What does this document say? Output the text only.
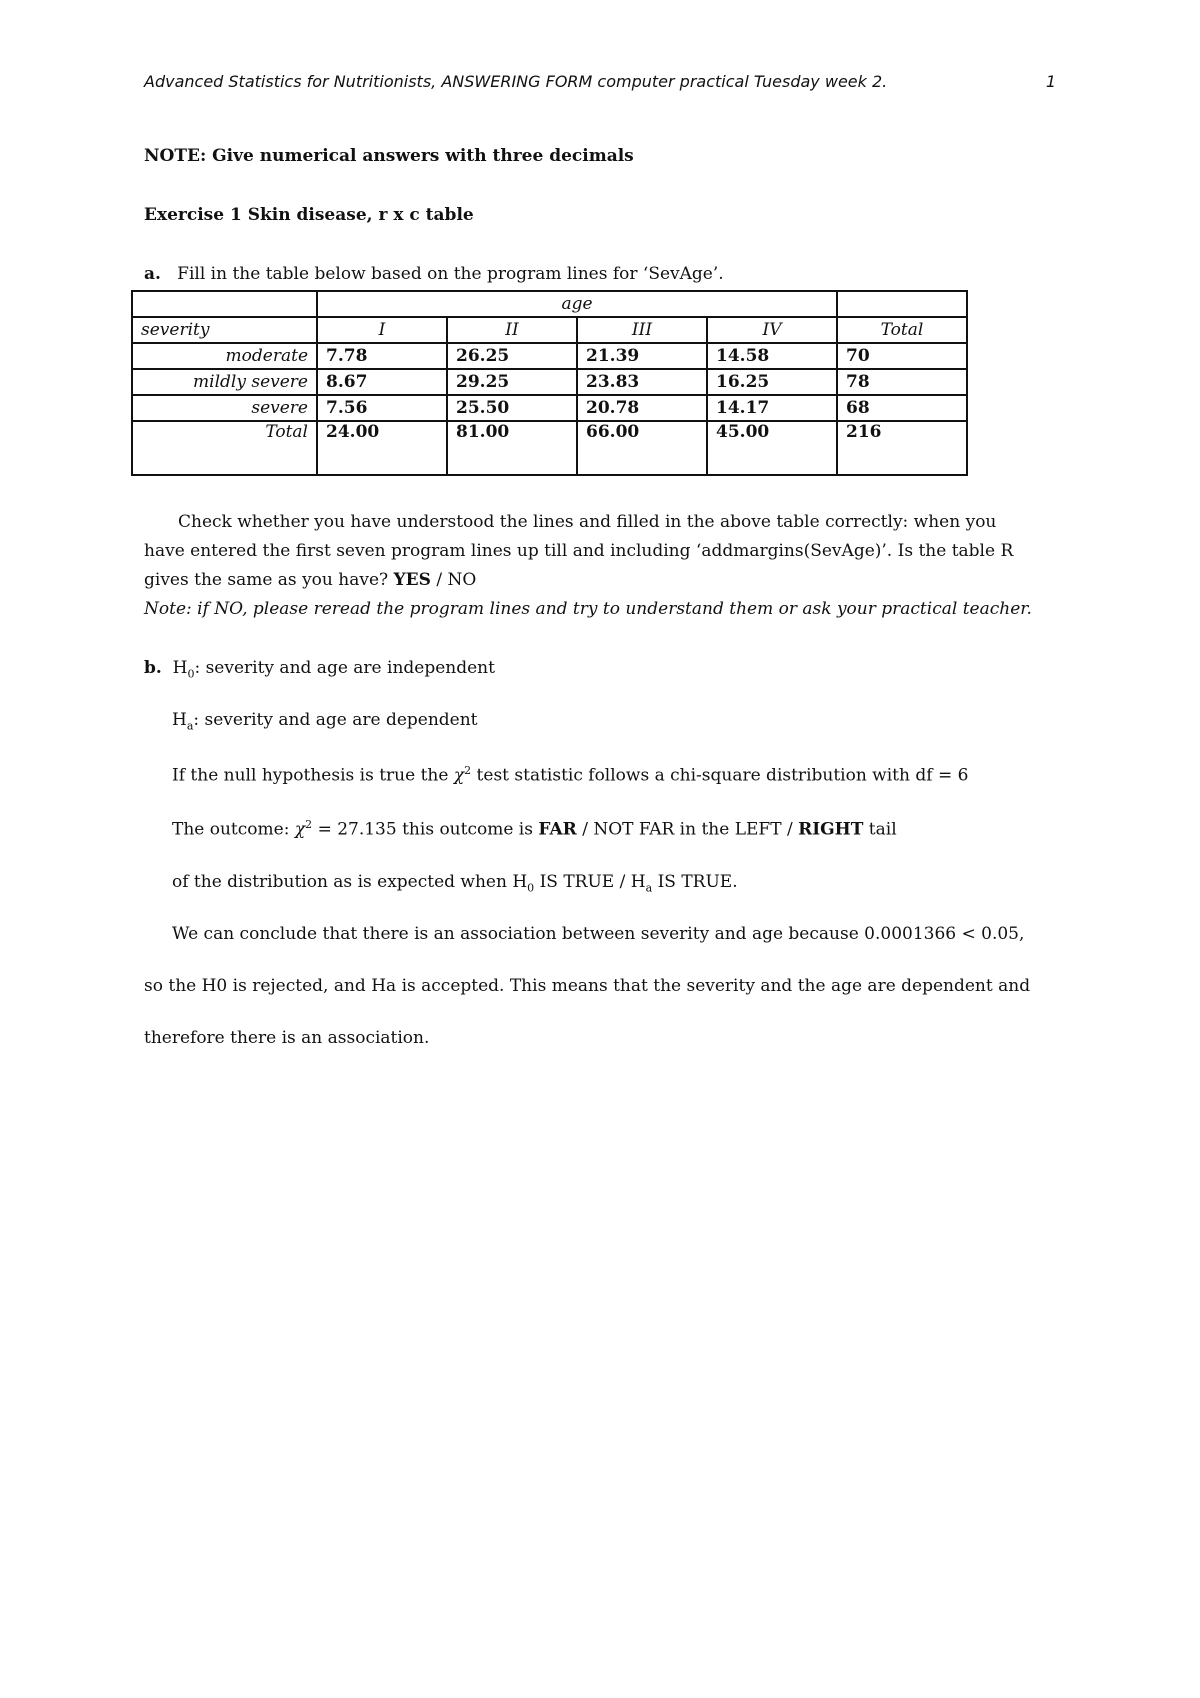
Advanced Statistics for Nutritionists, ANSWERING FORM computer practical Tuesday week 2.	1
NOTE: Give numerical answers with three decimals
Exercise 1 Skin disease, r x c table
a. Fill in the table below based on the program lines for ‘SevAge’.
	age				
severity	I	II	III	IV	Total
moderate	7.78	26.25	21.39	14.58	70
mildly severe	8.67	29.25	23.83	16.25	78
severe	7.56	25.50	20.78	14.17	68
Total	24.00	81.00	66.00	45.00	216
Check whether you have understood the lines and filled in the above table correctly: when you
have entered the first seven program lines up till and including ‘addmargins(SevAge)’. Is the table R
gives the same as you have? YES / NO
Note: if NO, please reread the program lines and try to understand them or ask your practical teacher.
b. $H_0$: severity and age are independent
$H_a$: severity and age are dependent
If the null hypothesis is true the $\chi^2$ test statistic follows a chi-square distribution with df = 6
The outcome: $\chi^2 = 27.135$ this outcome is FAR / NOT FAR in the LEFT / RIGHT tail
of the distribution as is expected when $H_0$ IS TRUE / $H_a$ IS TRUE.
We can conclude that there is an association between severity and age because 0.0001366 < 0.05,
so the H0 is rejected, and Ha is accepted. This means that the severity and the age are dependent and
therefore there is an association.
